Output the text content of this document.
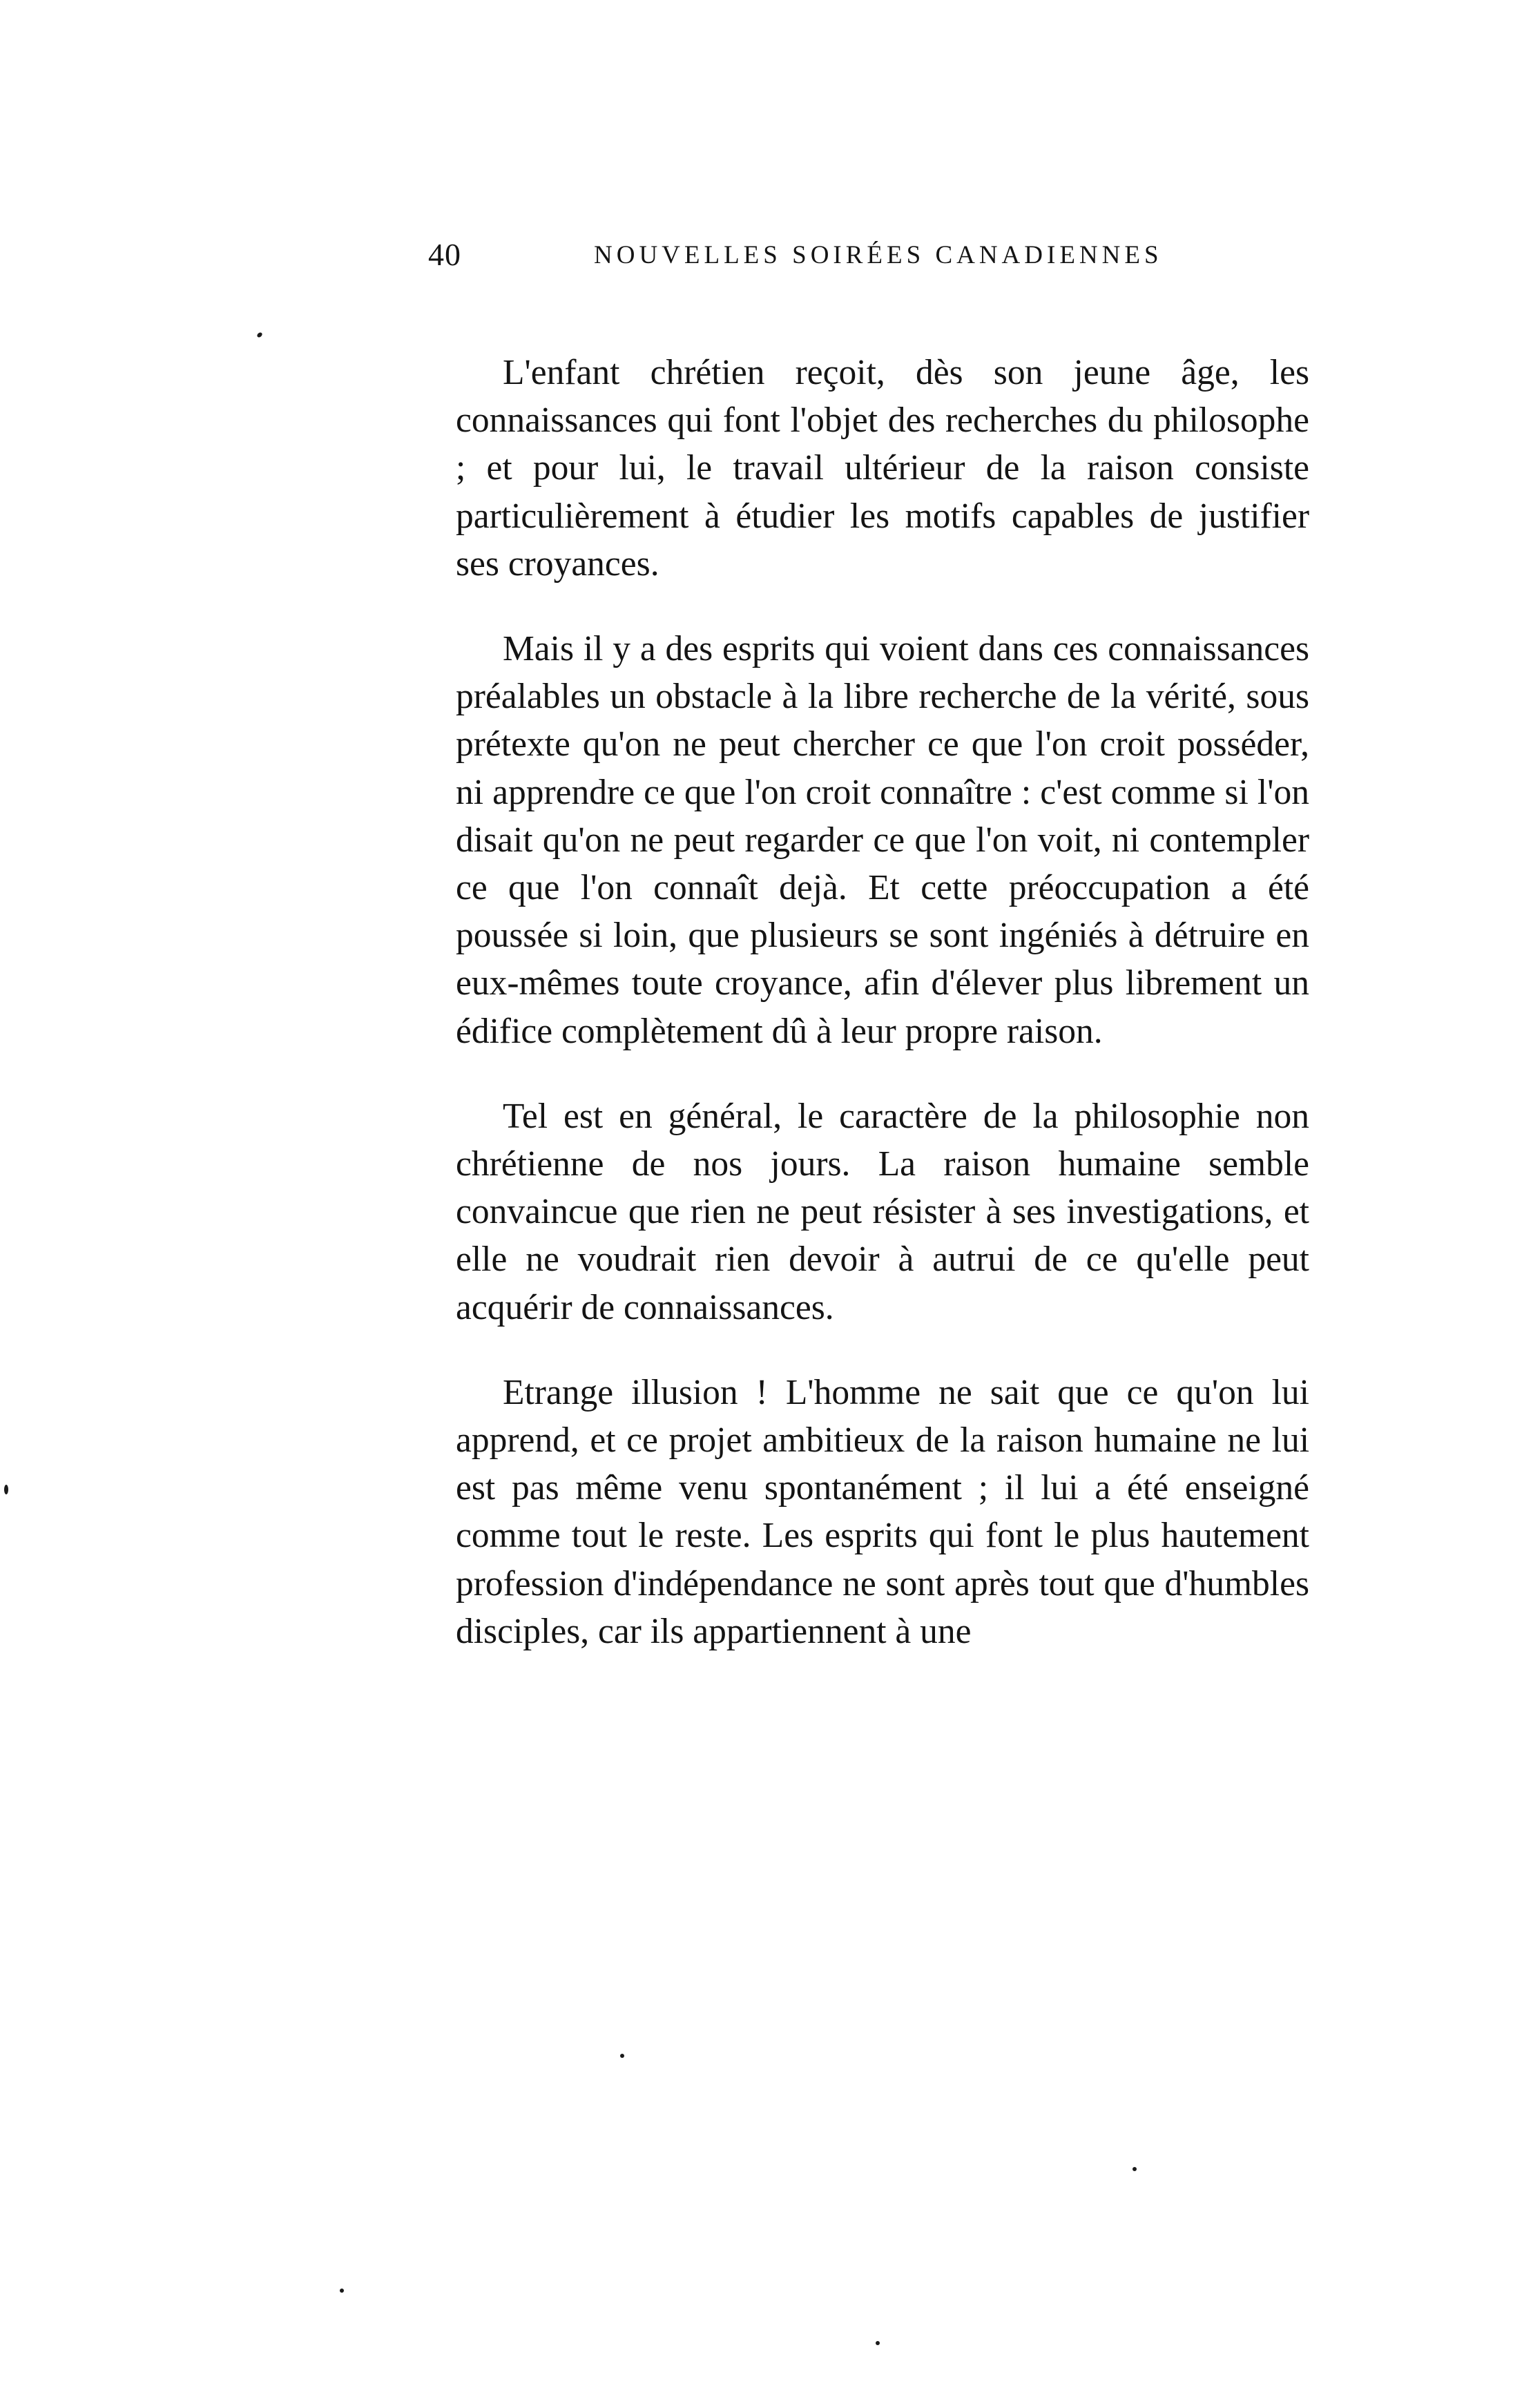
40	NOUVELLES SOIRÉES CANADIENNES

L'enfant chrétien reçoit, dès son jeune âge, les connaissances qui font l'objet des recherches du philosophe ; et pour lui, le travail ultérieur de la raison consiste particulièrement à étudier les motifs capables de justifier ses croyances.

Mais il y a des esprits qui voient dans ces connaissances préalables un obstacle à la libre recherche de la vérité, sous prétexte qu'on ne peut chercher ce que l'on croit posséder, ni apprendre ce que l'on croit connaître : c'est comme si l'on disait qu'on ne peut regarder ce que l'on voit, ni contempler ce que l'on connaît dejà. Et cette préoccupation a été poussée si loin, que plusieurs se sont ingéniés à détruire en eux-mêmes toute croyance, afin d'élever plus librement un édifice complètement dû à leur propre raison.

Tel est en général, le caractère de la philosophie non chrétienne de nos jours. La raison humaine semble convaincue que rien ne peut résister à ses investigations, et elle ne voudrait rien devoir à autrui de ce qu'elle peut acquérir de connaissances.

Etrange illusion ! L'homme ne sait que ce qu'on lui apprend, et ce projet ambitieux de la raison humaine ne lui est pas même venu spontanément ; il lui a été enseigné comme tout le reste. Les esprits qui font le plus hautement profession d'indépendance ne sont après tout que d'humbles disciples, car ils appartiennent à une
